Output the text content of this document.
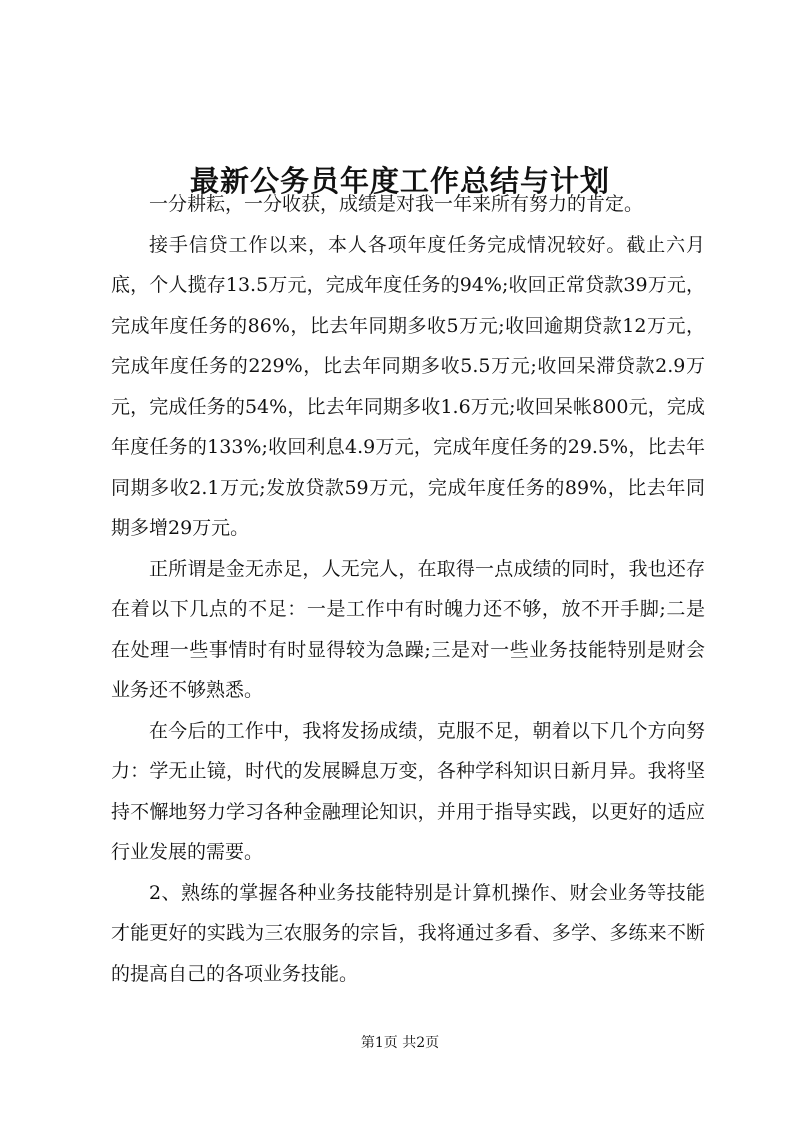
最新公务员年度工作总结与计划

一分耕耘，一分收获，成绩是对我一年来所有努力的肯定。

接手信贷工作以来，本人各项年度任务完成情况较好。截止六月底，个人揽存13.5万元，完成年度任务的94%;收回正常贷款39万元，完成年度任务的86%，比去年同期多收5万元;收回逾期贷款12万元，完成年度任务的229%，比去年同期多收5.5万元;收回呆滞贷款2.9万元，完成任务的54%，比去年同期多收1.6万元;收回呆帐800元，完成年度任务的133%;收回利息4.9万元，完成年度任务的29.5%，比去年同期多收2.1万元;发放贷款59万元，完成年度任务的89%，比去年同期多增29万元。

正所谓是金无赤足，人无完人，在取得一点成绩的同时，我也还存在着以下几点的不足：一是工作中有时魄力还不够，放不开手脚;二是在处理一些事情时有时显得较为急躁;三是对一些业务技能特别是财会业务还不够熟悉。

在今后的工作中，我将发扬成绩，克服不足，朝着以下几个方向努力：学无止镜，时代的发展瞬息万变，各种学科知识日新月异。我将坚持不懈地努力学习各种金融理论知识，并用于指导实践，以更好的适应行业发展的需要。

2、熟练的掌握各种业务技能特别是计算机操作、财会业务等技能才能更好的实践为三农服务的宗旨，我将通过多看、多学、多练来不断的提高自己的各项业务技能。

第1页 共2页
